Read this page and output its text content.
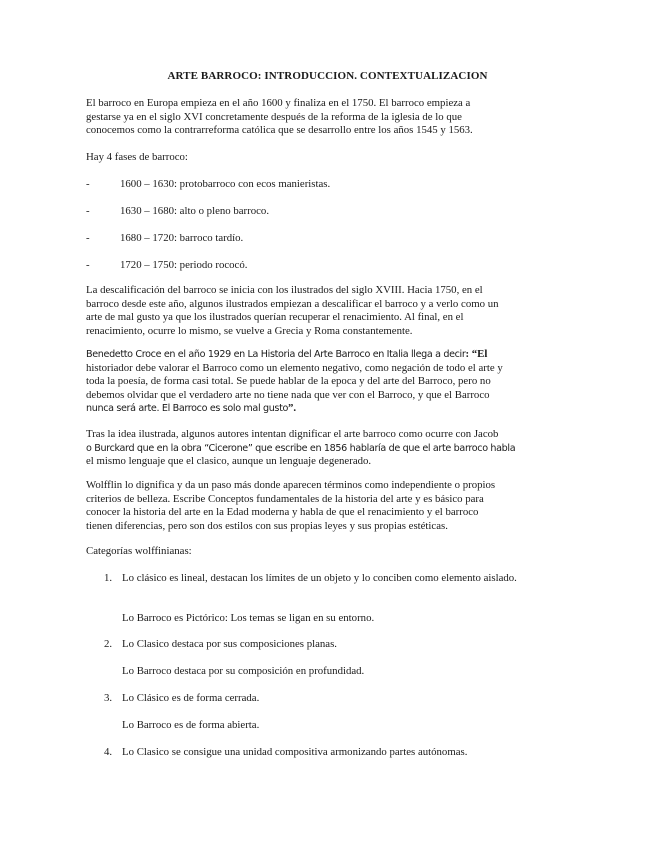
ARTE BARROCO: INTRODUCCION. CONTEXTUALIZACION
El barroco en Europa empieza en el año 1600 y finaliza en el 1750. El barroco empieza a
gestarse ya en el siglo XVI concretamente después de la reforma de la iglesia de lo que
conocemos como la contrarreforma católica que se desarrollo entre los años 1545 y 1563.
Hay 4 fases de barroco:
-	1600 – 1630: protobarroco con ecos manieristas.
-	1630 – 1680: alto o pleno barroco.
-	1680 – 1720: barroco tardío.
-	1720 – 1750: periodo rococó.
La descalificación del barroco se inicia con los ilustrados del siglo XVIII. Hacia 1750, en el
barroco desde este año, algunos ilustrados empiezan a descalificar el barroco y a verlo como un
arte de mal gusto ya que los ilustrados querían recuperar el renacimiento. Al final, en el
renacimiento, ocurre lo mismo, se vuelve a Grecia y Roma constantemente.
Benedetto Croce en el año 1929 en La Historia del Arte Barroco en Italia llega a decir: “El
historiador debe valorar el Barroco como un elemento negativo, como negación de todo el arte y
toda la poesía, de forma casi total. Se puede hablar de la epoca y del arte del Barroco, pero no
debemos olvidar que el verdadero arte no tiene nada que ver con el Barroco, y que el Barroco
nunca será arte. El Barroco es solo mal gusto”.
Tras la idea ilustrada, algunos autores intentan dignificar el arte barroco como ocurre con Jacob
o Burckard que en la obra “Cicerone” que escribe en 1856 hablaría de que el arte barroco habla
el mismo lenguaje que el clasico, aunque un lenguaje degenerado.
Wolfflin lo dignifica y da un paso más donde aparecen términos como independiente o propios
criterios de belleza. Escribe Conceptos fundamentales de la historia del arte y es básico para
conocer la historia del arte en la Edad moderna y habla de que el renacimiento y el barroco
tienen diferencias, pero son dos estilos con sus propias leyes y sus propias estéticas.
Categorías wolffinianas:
1. Lo clásico es lineal, destacan los límites de un objeto y lo conciben como elemento aislado.
Lo Barroco es Pictórico: Los temas se ligan en su entorno.
2. Lo Clasico destaca por sus composiciones planas.
Lo Barroco destaca por su composición en profundidad.
3. Lo Clásico es de forma cerrada.
Lo Barroco es de forma abierta.
4. Lo Clasico se consigue una unidad compositiva armonizando partes autónomas.
